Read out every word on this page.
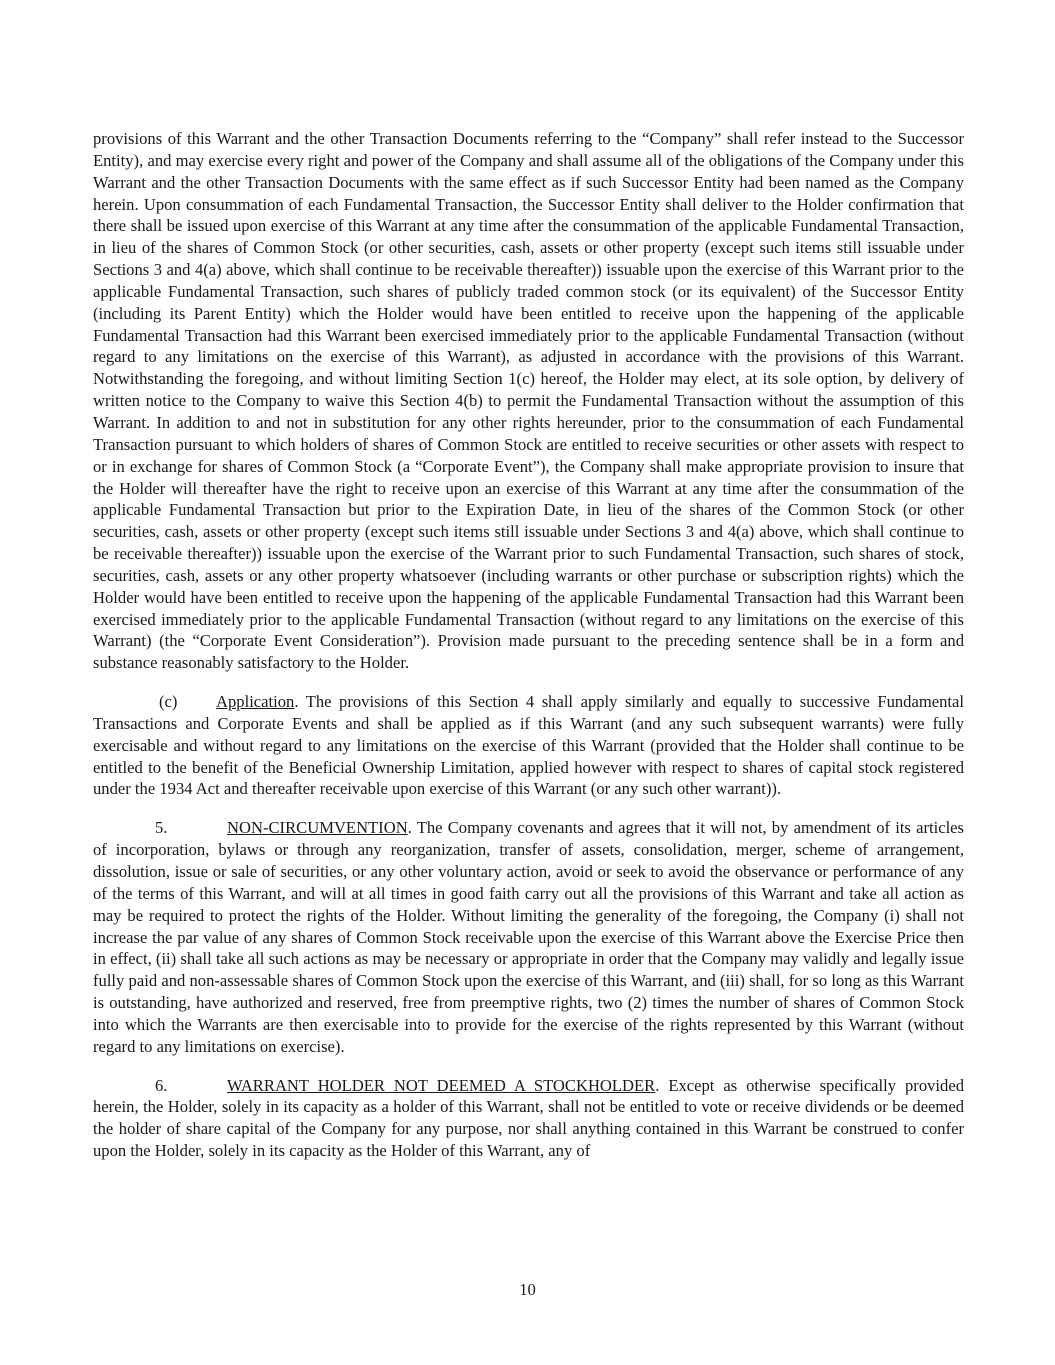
provisions of this Warrant and the other Transaction Documents referring to the “Company” shall refer instead to the Successor Entity), and may exercise every right and power of the Company and shall assume all of the obligations of the Company under this Warrant and the other Transaction Documents with the same effect as if such Successor Entity had been named as the Company herein. Upon consummation of each Fundamental Transaction, the Successor Entity shall deliver to the Holder confirmation that there shall be issued upon exercise of this Warrant at any time after the consummation of the applicable Fundamental Transaction, in lieu of the shares of Common Stock (or other securities, cash, assets or other property (except such items still issuable under Sections 3 and 4(a) above, which shall continue to be receivable thereafter)) issuable upon the exercise of this Warrant prior to the applicable Fundamental Transaction, such shares of publicly traded common stock (or its equivalent) of the Successor Entity (including its Parent Entity) which the Holder would have been entitled to receive upon the happening of the applicable Fundamental Transaction had this Warrant been exercised immediately prior to the applicable Fundamental Transaction (without regard to any limitations on the exercise of this Warrant), as adjusted in accordance with the provisions of this Warrant. Notwithstanding the foregoing, and without limiting Section 1(c) hereof, the Holder may elect, at its sole option, by delivery of written notice to the Company to waive this Section 4(b) to permit the Fundamental Transaction without the assumption of this Warrant. In addition to and not in substitution for any other rights hereunder, prior to the consummation of each Fundamental Transaction pursuant to which holders of shares of Common Stock are entitled to receive securities or other assets with respect to or in exchange for shares of Common Stock (a “Corporate Event”), the Company shall make appropriate provision to insure that the Holder will thereafter have the right to receive upon an exercise of this Warrant at any time after the consummation of the applicable Fundamental Transaction but prior to the Expiration Date, in lieu of the shares of the Common Stock (or other securities, cash, assets or other property (except such items still issuable under Sections 3 and 4(a) above, which shall continue to be receivable thereafter)) issuable upon the exercise of the Warrant prior to such Fundamental Transaction, such shares of stock, securities, cash, assets or any other property whatsoever (including warrants or other purchase or subscription rights) which the Holder would have been entitled to receive upon the happening of the applicable Fundamental Transaction had this Warrant been exercised immediately prior to the applicable Fundamental Transaction (without regard to any limitations on the exercise of this Warrant) (the “Corporate Event Consideration”). Provision made pursuant to the preceding sentence shall be in a form and substance reasonably satisfactory to the Holder.

(c) Application. The provisions of this Section 4 shall apply similarly and equally to successive Fundamental Transactions and Corporate Events and shall be applied as if this Warrant (and any such subsequent warrants) were fully exercisable and without regard to any limitations on the exercise of this Warrant (provided that the Holder shall continue to be entitled to the benefit of the Beneficial Ownership Limitation, applied however with respect to shares of capital stock registered under the 1934 Act and thereafter receivable upon exercise of this Warrant (or any such other warrant)).

5.	NON-CIRCUMVENTION. The Company covenants and agrees that it will not, by amendment of its articles of incorporation, bylaws or through any reorganization, transfer of assets, consolidation, merger, scheme of arrangement, dissolution, issue or sale of securities, or any other voluntary action, avoid or seek to avoid the observance or performance of any of the terms of this Warrant, and will at all times in good faith carry out all the provisions of this Warrant and take all action as may be required to protect the rights of the Holder. Without limiting the generality of the foregoing, the Company (i) shall not increase the par value of any shares of Common Stock receivable upon the exercise of this Warrant above the Exercise Price then in effect, (ii) shall take all such actions as may be necessary or appropriate in order that the Company may validly and legally issue fully paid and non-assessable shares of Common Stock upon the exercise of this Warrant, and (iii) shall, for so long as this Warrant is outstanding, have authorized and reserved, free from preemptive rights, two (2) times the number of shares of Common Stock into which the Warrants are then exercisable into to provide for the exercise of the rights represented by this Warrant (without regard to any limitations on exercise).

6.	WARRANT HOLDER NOT DEEMED A STOCKHOLDER. Except as otherwise specifically provided herein, the Holder, solely in its capacity as a holder of this Warrant, shall not be entitled to vote or receive dividends or be deemed the holder of share capital of the Company for any purpose, nor shall anything contained in this Warrant be construed to confer upon the Holder, solely in its capacity as the Holder of this Warrant, any of

10
